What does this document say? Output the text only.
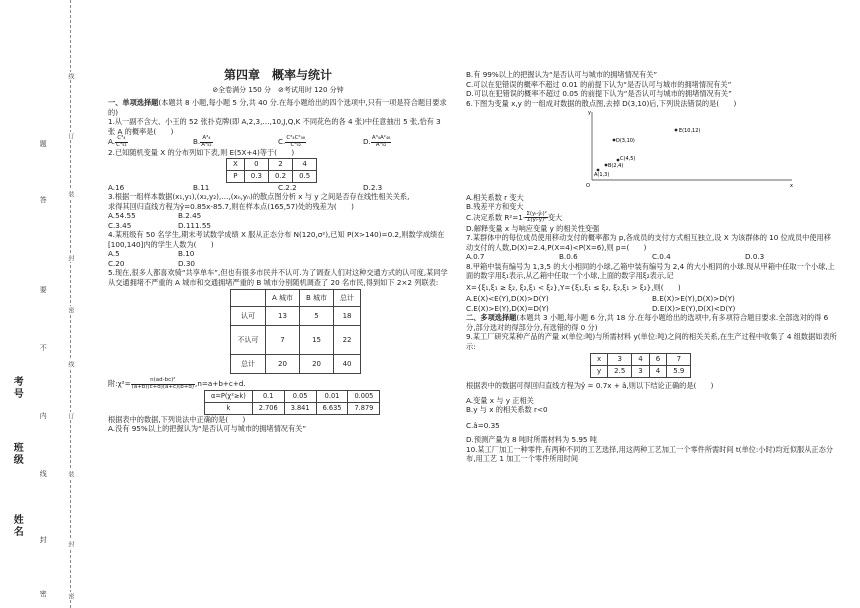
线
订
装
封
密
线
订
装
封
密
题
答
要
不
内
线
封
密
考号
班级
姓名
第四章　概率与统计
⊘全卷满分 150 分　⊘考试用时 120 分钟
一、单项选择题(本题共 8 小题,每小题 5 分,共 40 分.在每小题给出的四个选项中,只有一项是符合题目要求的)
1.从一副不含大、小王的 52 张扑克牌(即 A,2,3,…,10,J,Q,K 不同花色的各 4 张)中任意抽出 5 张,恰有 3 张 A 的概率是(　　)
A. $\frac{\text{C³₄}}{\text{C⁵₅₂}}$	B. $\frac{\text{A³₄}}{\text{A⁵₅₂}}$	C. $\frac{\text{C³₄C²₄₈}}{\text{C⁵₅₂}}$	D. $\frac{\text{A³₄A²₄₈}}{\text{A⁵₅₂}}$
2.已知随机变量 X 的分布列如下表,则 E(5X+4)等于(　　)
X	0	2	4
P	0.3	0.2	0.5
A.16	B.11	C.2.2	D.2.3
3.根据一组样本数据(x₁,y₁),(x₂,y₂),…,(xₙ,yₙ)的散点图分析 x 与 y 之间是否存在线性相关关系,
求得其回归直线方程为ŷ=0.85x-85.7,则在样本点(165,57)处的残差为(　　)
A.54.55	B.2.45
C.3.45	D.111.55
4.某班级有 50 名学生,期末考试数学成绩 X 服从正态分布 N(120,σ²),已知 P(X>140)=0.2,则数学成绩在[100,140]内的学生人数为(　　)
A.5	B.10
C.20	D.30
5.现在,很多人都喜欢骑“共享单车”,但也有很多市民并不认可.为了调查人们对这种交通方式的认可度,某同学从交通拥堵不严重的 A 城市和交通拥堵严重的 B 城市分别随机调查了 20 名市民,得到如下 2×2 列联表:
	A 城市	B 城市	总计
认可	13	5	18
不认可	7	15	22
总计	20	20	40
附:χ²= $\frac{\text{n(ad-bc)²}}{(a+b)(c+d)(a+c)(b+d)} ,n=a+b+c+d$.
α=P(χ²≥k)	0.1	0.05	0.01	0.005
k	2.706	3.841	6.635	7.879
根据表中的数据,下列说法中正确的是(　　)
A.没有 95%以上的把握认为“是否认可与城市的拥堵情况有关”
B.有 99%以上的把握认为“是否认可与城市的拥堵情况有关”
C.可以在犯错误的概率不超过 0.01 的前提下认为“是否认可与城市的拥堵情况有关”
D.可以在犯错误的概率不超过 0.05 的前提下认为“是否认可与城市的拥堵情况有关”
6.下图为变量 x,y 的一组成对数据的散点图,去掉 D(3,10)后,下列说法错误的是(　　)
y
x
O
E(10,12)
D(3,10)
C(4,5)
B(2,4)
A(1,3)
A.相关系数 r 变大
B.残差平方和变大
C.决定系数 $R^2=1- \frac{\text{Σ(yᵢ-ŷᵢ)²}}{\text{Σ(yᵢ-ȳ)²}}$ 变大
D.解释变量 x 与响应变量 y 的相关性变强
7.某群体中的每位成员使用移动支付的概率都为 p,各成员的支付方式相互独立,设 X 为该群体的 10 位成员中使用移动支付的人数,D(X)=2.4,P(X=4)<P(X=6),则 p=(　　)
A.0.7	B.0.6	C.0.4	D.0.3
8.甲箱中装有编号为 1,3,5 的大小相同的小球,乙箱中装有编号为 2,4 的大小相同的小球.现从甲箱中任取一个小球,上面的数字用ξ₁表示,从乙箱中任取一个小球,上面的数字用ξ₂表示,记
X={ξ₁,ξ₁ ≥ ξ₂, ξ₂,ξ₁ < ξ₂},Y={ξ₁,ξ₁ ≤ ξ₂, ξ₂,ξ₁ > ξ₂},则(　　)
A.E(X)<E(Y),D(X)>D(Y)	B.E(X)>E(Y),D(X)>D(Y)
C.E(X)>E(Y),D(X)=D(Y)	D.E(X)>E(Y),D(X)<D(Y)
二、多项选择题(本题共 3 小题,每小题 6 分,共 18 分.在每小题给出的选项中,有多项符合题目要求.全部选对的得 6 分,部分选对的得部分分,有选错的得 0 分)
9.某工厂研究某种产品的产量 x(单位:吨)与所需材料 y(单位:吨)之间的相关关系,在生产过程中收集了 4 组数据如表所示:
x	3	4	6	7
y	2.5	3	4	5.9
根据表中的数据可得回归直线方程为ŷ = 0.7x + â,则以下结论正确的是(　　)
A.变量 x 与 y 正相关
B.y 与 x 的相关系数 r<0
C.â=0.35
D.预测产量为 8 吨时所需材料为 5.95 吨
10.某工厂加工一种零件,有两种不同的工艺选择,用这两种工艺加工一个零件所需时间 t(单位:小时)均近似服从正态分布,用工艺 1 加工一个零件所用时间
